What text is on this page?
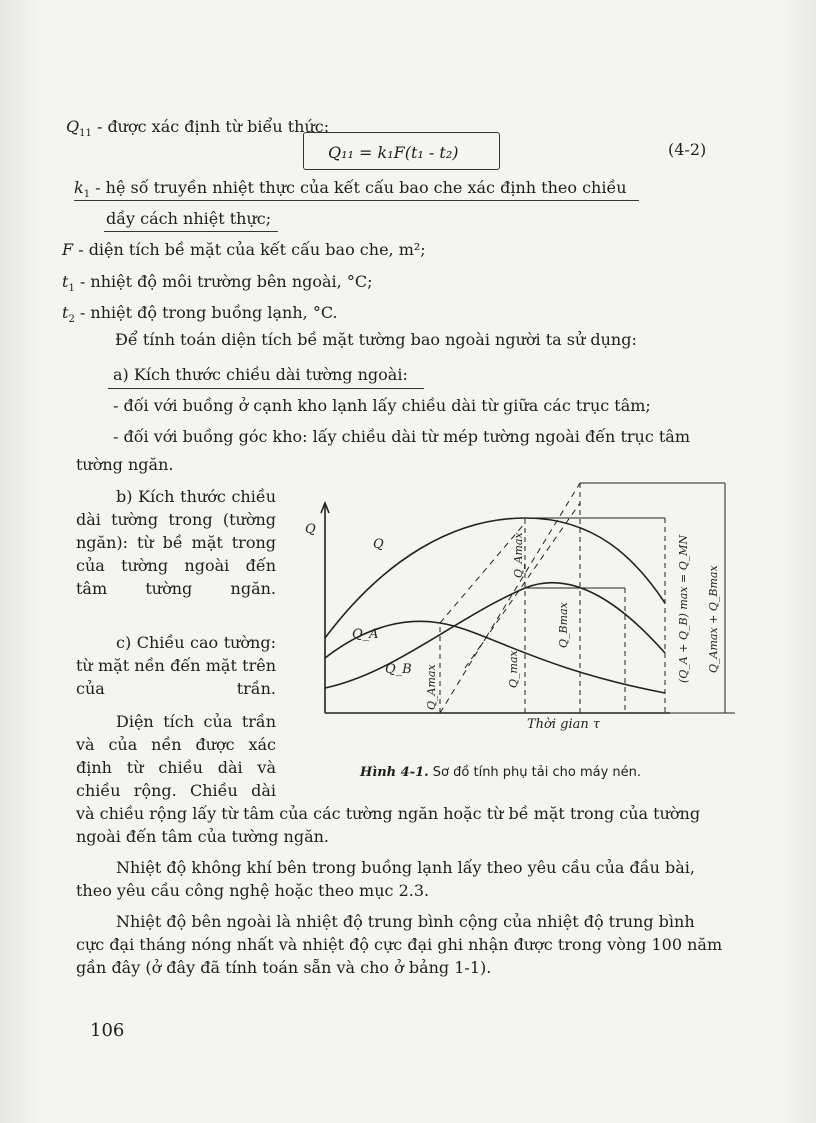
$Q_{11}$ - được xác định từ biểu thức:
Q₁₁ = k₁F(t₁ - t₂)	(4-2)
$k_1$ - hệ số truyền nhiệt thực của kết cấu bao che xác định theo chiều
dầy cách nhiệt thực;
F - diện tích bề mặt của kết cấu bao che, m²;
$t_1$ - nhiệt độ môi trường bên ngoài, °C;
$t_2$ - nhiệt độ trong buồng lạnh, °C.
Để tính toán diện tích bề mặt tường bao ngoài người ta sử dụng:
a) Kích thước chiều dài tường ngoài:
- đối với buồng ở cạnh kho lạnh lấy chiều dài từ giữa các trục tâm;
- đối với buồng góc kho: lấy chiều dài từ mép tường ngoài đến trục tâm
tường ngăn.
b) Kích thước chiều dài tường trong (tường ngăn): từ bề mặt trong của tường ngoài đến tâm tường ngăn.
c) Chiều cao tường: từ mặt nền đến mặt trên của trần.
Diện tích của trần và của nền được xác định từ chiều dài và chiều rộng. Chiều dài
và chiều rộng lấy từ tâm của các tường ngăn hoặc từ bề mặt trong của tường ngoài đến tâm của tường ngăn.
Nhiệt độ không khí bên trong buồng lạnh lấy theo yêu cầu của đầu bài, theo yêu cầu công nghệ hoặc theo mục 2.3.
Nhiệt độ bên ngoài là nhiệt độ trung bình cộng của nhiệt độ trung bình cực đại tháng nóng nhất và nhiệt độ cực đại ghi nhận được trong vòng 100 năm gần đây (ở đây đã tính toán sẵn và cho ở bảng 1-1).
Q
Thời gian τ
Q
Q_A
Q_B Q_Amax	Q_max
Q_Amax
Q_Bmax	(Q_A + Q_B) max = Q_MN Q_Amax + Q_Bmax
Hình 4-1. Sơ đồ tính phụ tải cho máy nén.
106
